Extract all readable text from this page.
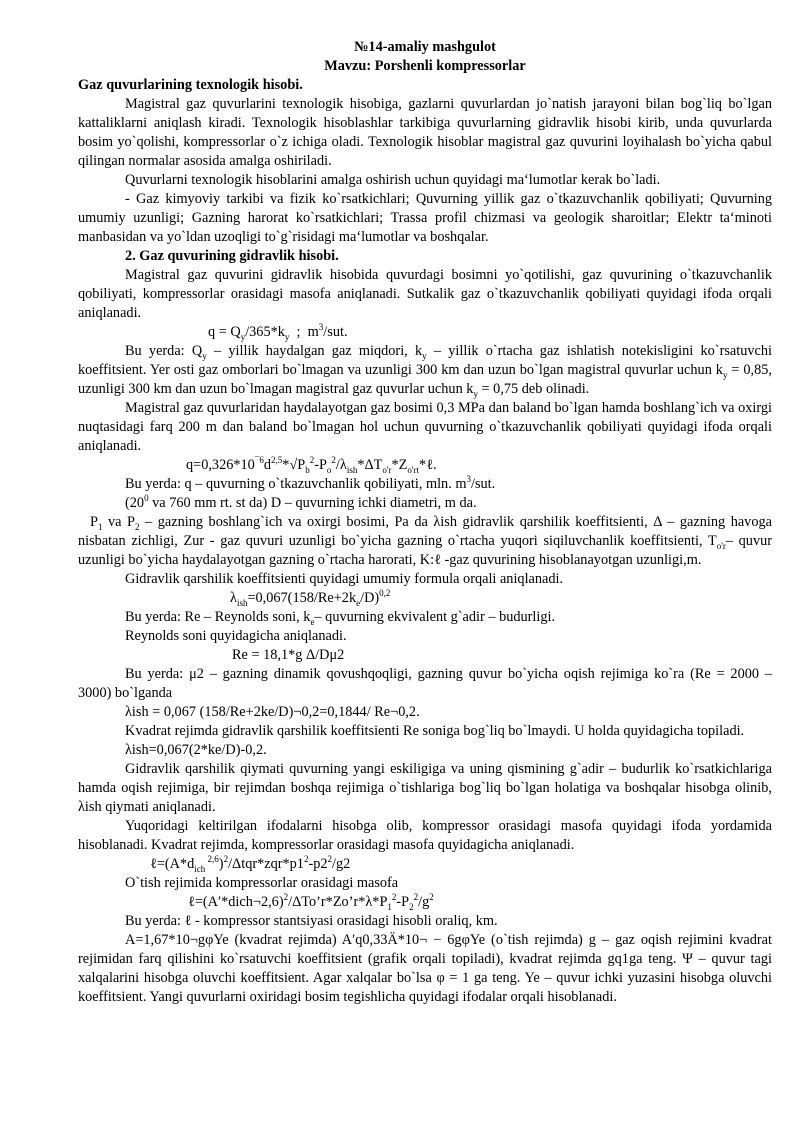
№14-amaliy mashgulot

Mavzu: Porshenli kompressorlar

Gaz quvurlarining texnologik hisobi.

Magistral gaz quvurlarini texnologik hisobiga, gazlarni quvurlardan jo`natish jarayoni bilan bog`liq bo`lgan kattaliklarni aniqlash kiradi. Texnologik hisoblashlar tarkibiga quvurlarning gidravlik hisobi kirib, unda quvurlarda bosim yo`qolishi, kompressorlar o`z ichiga oladi. Texnologik hisoblar magistral gaz quvurini loyihalash bo`yicha qabul qilingan normalar asosida amalga oshiriladi.

Quvurlarni texnologik hisoblarini amalga oshirish uchun quyidagi ma‘lumotlar kerak bo`ladi.

- Gaz kimyoviy tarkibi va fizik ko`rsatkichlari; Quvurning yillik gaz o`tkazuvchanlik qobiliyati; Quvurning umumiy uzunligi; Gazning harorat ko`rsatkichlari; Trassa profil chizmasi va geologik sharoitlar; Elektr ta‘minoti manbasidan va yo`ldan uzoqligi to`g`risidagi ma‘lumotlar va boshqalar.

2. Gaz quvurining gidravlik hisobi.

Magistral gaz quvurini gidravlik hisobida quvurdagi bosimni yo`qotilishi, gaz quvurining o`tkazuvchanlik qobiliyati, kompressorlar orasidagi masofa aniqlanadi. Sutkalik gaz o`tkazuvchanlik qobiliyati quyidagi ifoda orqali aniqlanadi.

$q = Q_y/365*k_y$  ;  $m^3$/sut.

Bu yerda: $Q_y$ – yillik haydalgan gaz miqdori, $k_y$ – yillik o`rtacha gaz ishlatish notekisligini ko`rsatuvchi koeffitsient. Yer osti gaz omborlari bo`lmagan va uzunligi 300 km dan uzun bo`lgan magistral quvurlar uchun $k_y = 0,85$, uzunligi 300 km dan uzun bo`lmagan magistral gaz quvurlar uchun $k_y = 0,75$ deb olinadi.

Magistral gaz quvurlaridan haydalayotgan gaz bosimi 0,3 MPa dan baland bo`lgan hamda boshlang`ich va oxirgi nuqtasidagi farq 200 m dan baland bo`lmagan hol uchun quvurning o`tkazuvchanlik qobiliyati quyidagi ifoda orqali aniqlanadi.

$q=0,326*10^{¯6}d^{2,5}*√P_b^2-P_o^2/\lambda_{ish}*\Delta T_{o'r}*Z_{o'rt}*\ell$.

Bu yerda: q – quvurning o`tkazuvchanlik qobiliyati, mln. $m^3$/sut.

($20^0$ va 760 mm rt. st da) D – quvurning ichki diametri, m da.

$P_1$ va $P_2$ – gazning boshlang`ich va oxirgi bosimi, Pa da λish gidravlik qarshilik koeffitsienti, Δ – gazning havoga nisbatan zichligi, Zur - gaz quvuri uzunligi bo`yicha gazning o`rtacha yuqori siqiluvchanlik koeffitsienti, $T_{o'r}-$ quvur uzunligi bo`yicha haydalayotgan gazning o`rtacha harorati, K:ℓ -gaz quvurining hisoblanayotgan uzunligi,m.

Gidravlik qarshilik koeffitsienti quyidagi umumiy formula orqali aniqlanadi.

$\lambda_{ish}=0,067(158/Re+2k_e/D)^{0,2}$

Bu yerda: Re – Reynolds soni, $k_e-$ quvurning ekvivalent g`adir – budurligi.

Reynolds soni quyidagicha aniqlanadi.

Re = 18,1*g Δ/Dμ2

Bu yerda: μ2 – gazning dinamik qovushqoqligi, gazning quvur bo`yicha oqish rejimiga ko`ra (Re = 2000 – 3000) bo`lganda

λish = 0,067 (158/Re+2ke/D)¬0,2=0,1844/ Re¬0,2.

Kvadrat rejimda gidravlik qarshilik koeffitsienti Re soniga bog`liq bo`lmaydi. U holda quyidagicha topiladi.

λish=0,067(2*ke/D)-0,2.

Gidravlik qarshilik qiymati quvurning yangi eskiligiga va uning qismining g`adir – budurlik ko`rsatkichlariga hamda oqish rejimiga, bir rejimdan boshqa rejimiga o`tishlariga bog`liq bo`lgan holatiga va boshqalar hisobga olinib, λish qiymati aniqlanadi.

Yuqoridagi keltirilgan ifodalarni hisobga olib, kompressor orasidagi masofa quyidagi ifoda yordamida hisoblanadi. Kvadrat rejimda, kompressorlar orasidagi masofa quyidagicha aniqlanadi.

$\ell=(A*d_{ich}$ $^{2,6})^2/\Delta tqr*zqr*p1^2-p2^2/g2$

O`tish rejimida kompressorlar orasidagi masofa

$\ell=(A'*dich\neg 2,6)^2/\Delta To’r*Zo’r*\lambda*P_1^2-P_2^2/g^2$

Bu yerda: ℓ - kompressor stantsiyasi orasidagi hisobli oraliq, km.

A=1,67*10¬gφYe (kvadrat rejimda) A′q0,33Ä*10¬ − 6gφYe (o`tish rejimda) g – gaz oqish rejimini kvadrat rejimidan farq qilishini ko`rsatuvchi koeffitsient (grafik orqali topiladi), kvadrat rejimda gq1ga teng. Ψ – quvur tagi xalqalarini hisobga oluvchi koeffitsient. Agar xalqalar bo`lsa φ = 1 ga teng. Ye – quvur ichki yuzasini hisobga oluvchi koeffitsient. Yangi quvurlarni oxiridagi bosim tegishlicha quyidagi ifodalar orqali hisoblanadi.
